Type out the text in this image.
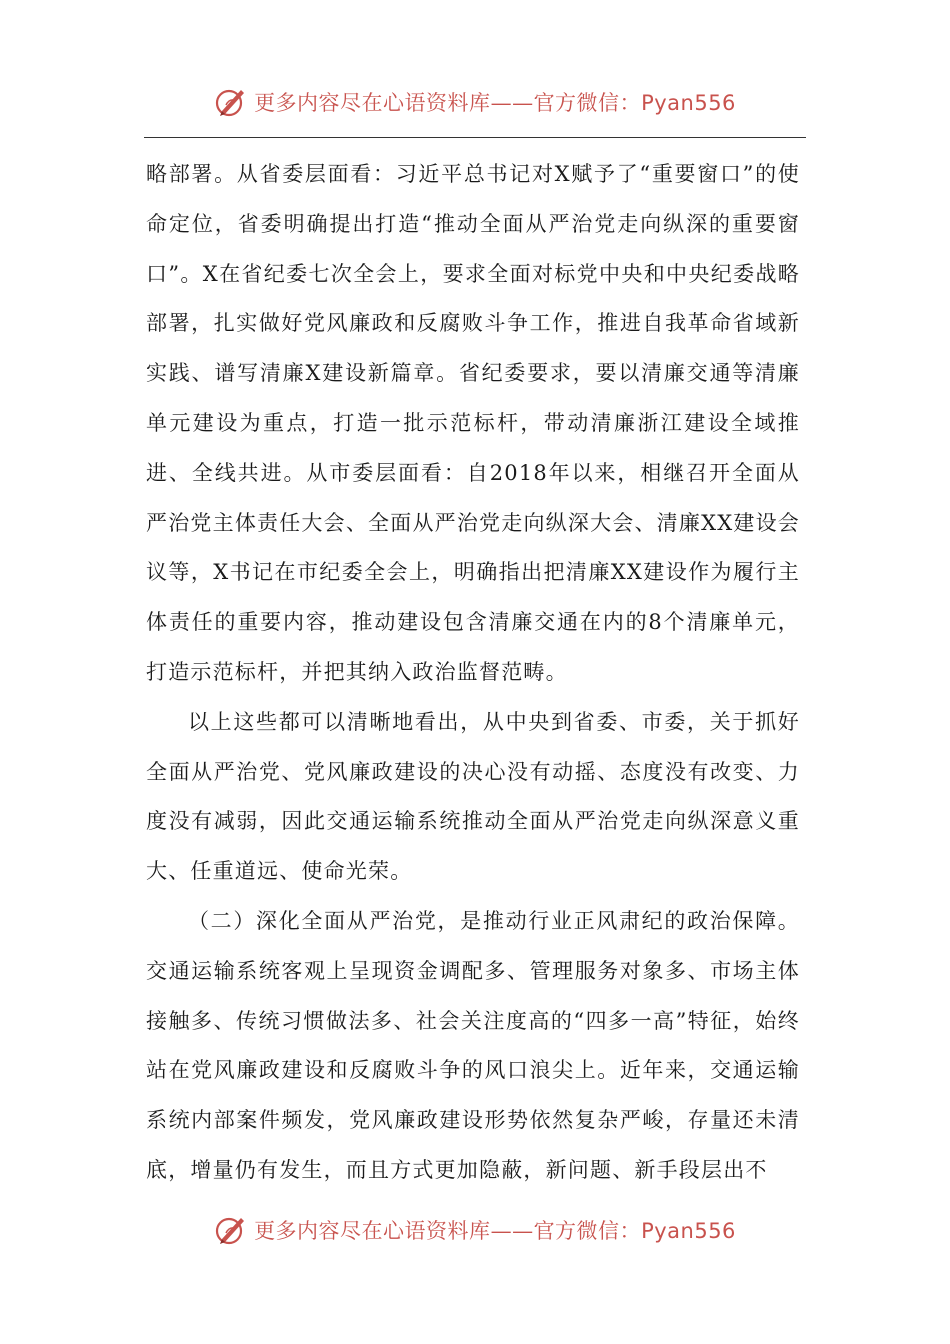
更多内容尽在心语资料库——官方微信：Pyan556

略部署。从省委层面看：习近平总书记对X赋予了“重要窗口”的使命定位，省委明确提出打造“推动全面从严治党走向纵深的重要窗口”。X在省纪委七次全会上，要求全面对标党中央和中央纪委战略部署，扎实做好党风廉政和反腐败斗争工作，推进自我革命省域新实践、谱写清廉X建设新篇章。省纪委要求，要以清廉交通等清廉单元建设为重点，打造一批示范标杆，带动清廉浙江建设全域推进、全线共进。从市委层面看：自2018年以来，相继召开全面从严治党主体责任大会、全面从严治党走向纵深大会、清廉XX建设会议等，X书记在市纪委全会上，明确指出把清廉XX建设作为履行主体责任的重要内容，推动建设包含清廉交通在内的8个清廉单元，打造示范标杆，并把其纳入政治监督范畴。

以上这些都可以清晰地看出，从中央到省委、市委，关于抓好全面从严治党、党风廉政建设的决心没有动摇、态度没有改变、力度没有减弱，因此交通运输系统推动全面从严治党走向纵深意义重大、任重道远、使命光荣。

（二）深化全面从严治党，是推动行业正风肃纪的政治保障。交通运输系统客观上呈现资金调配多、管理服务对象多、市场主体接触多、传统习惯做法多、社会关注度高的“四多一高”特征，始终站在党风廉政建设和反腐败斗争的风口浪尖上。近年来，交通运输系统内部案件频发，党风廉政建设形势依然复杂严峻，存量还未清底，增量仍有发生，而且方式更加隐蔽，新问题、新手段层出不

更多内容尽在心语资料库——官方微信：Pyan556
